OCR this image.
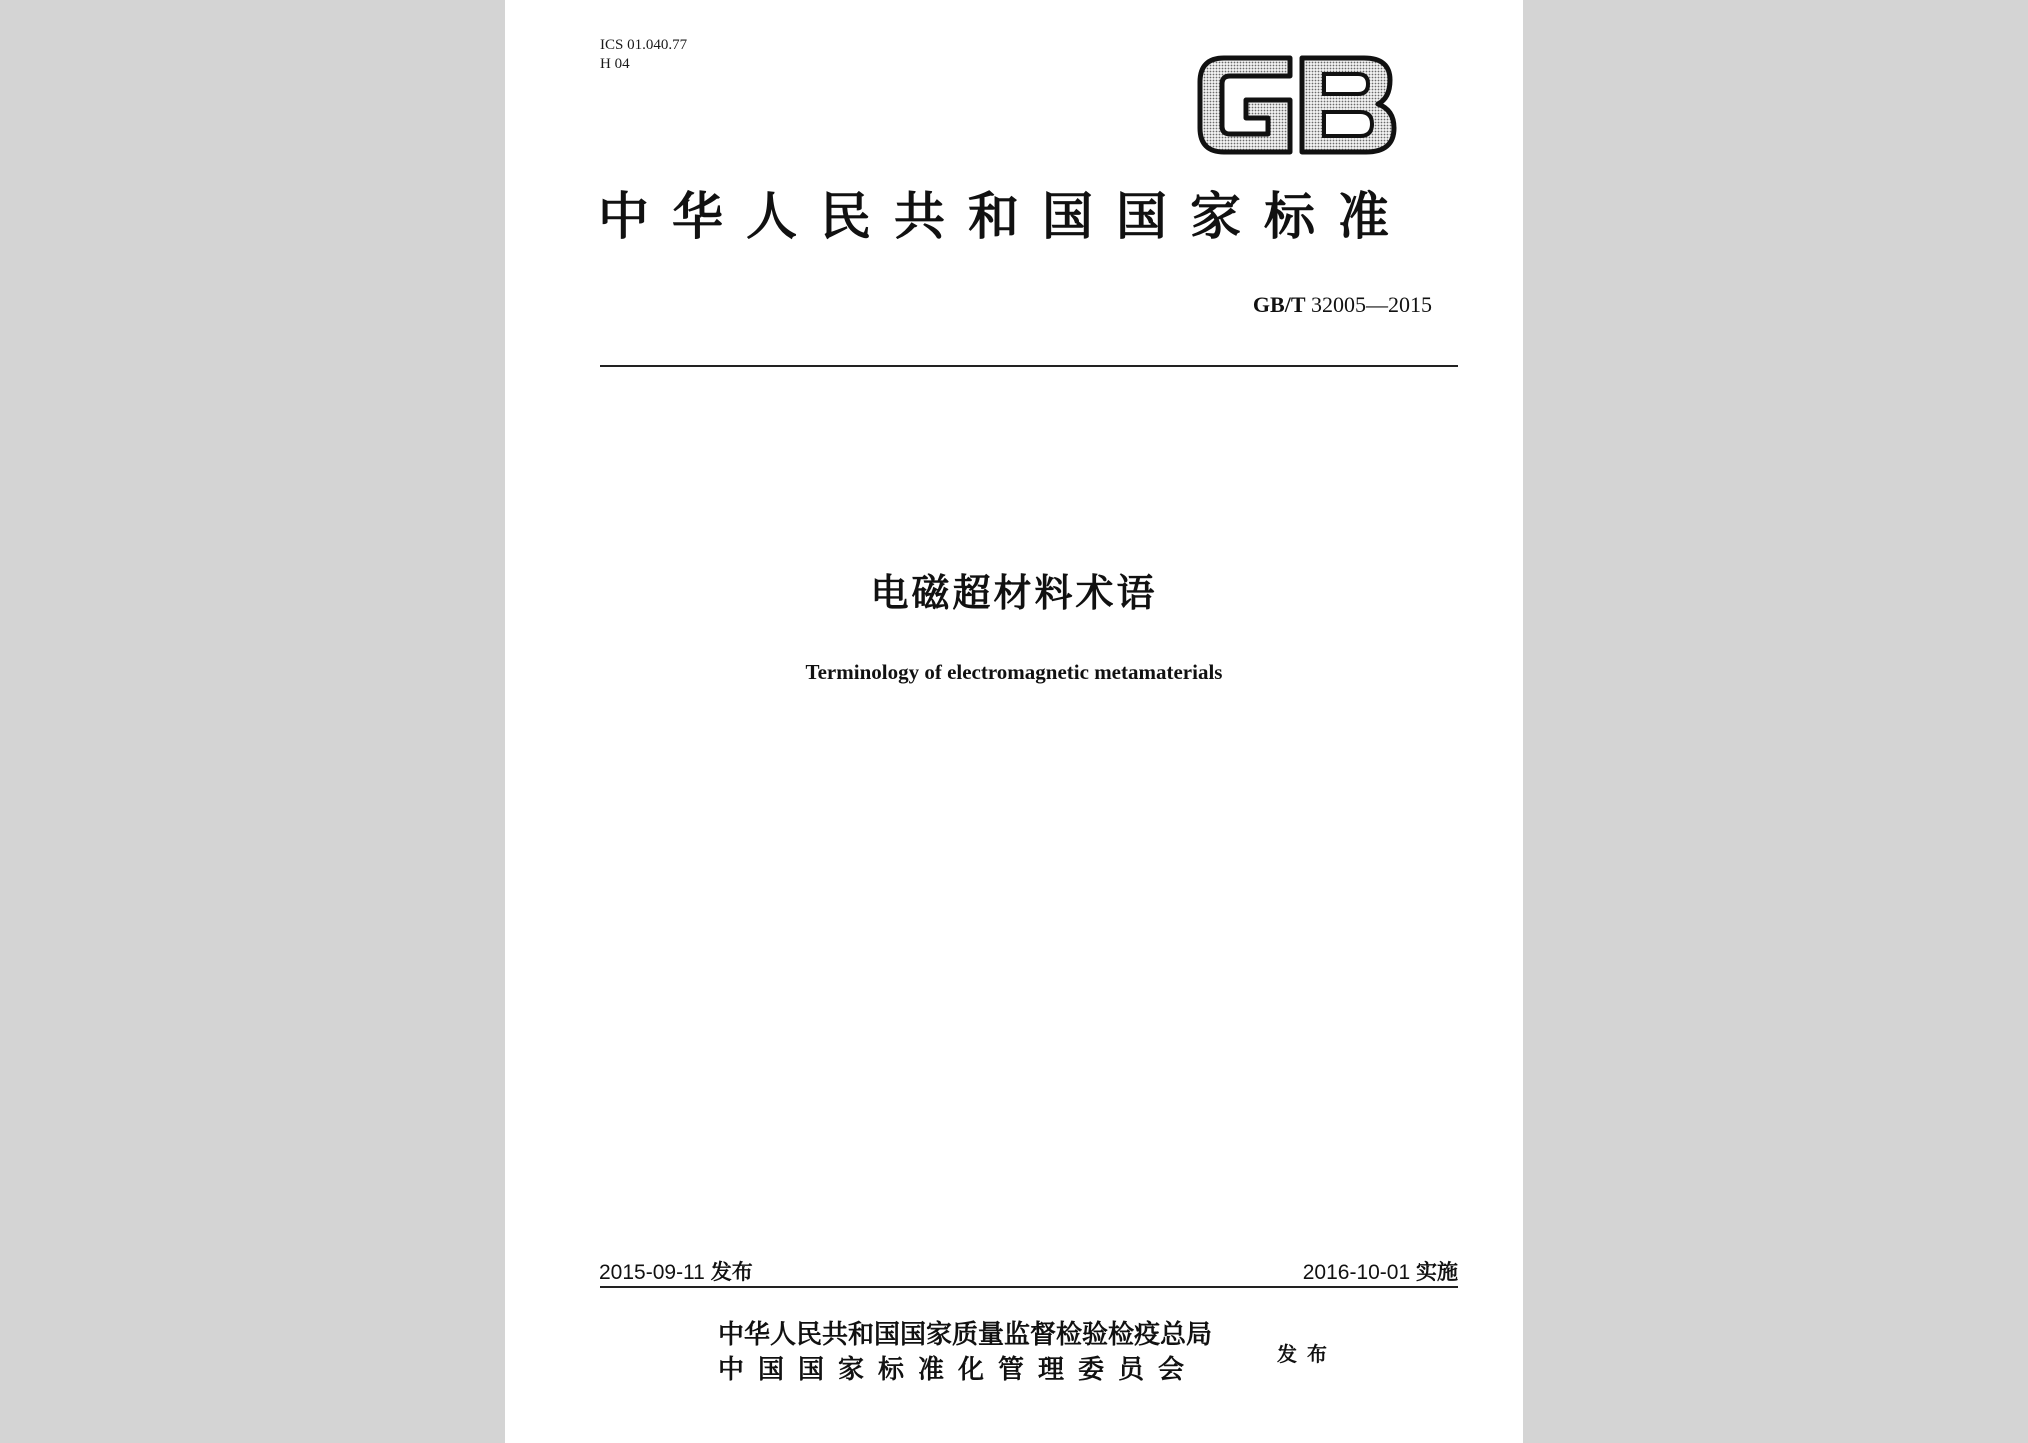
ICS 01.040.77
H 04
中华人民共和国国家标准
GB/T 32005—2015
电磁超材料术语
Terminology of electromagnetic metamaterials
2015-09-11 发布	2016-10-01 实施
中华人民共和国国家质量监督检验检疫总局
中国国家标准化管理委员会
发布
